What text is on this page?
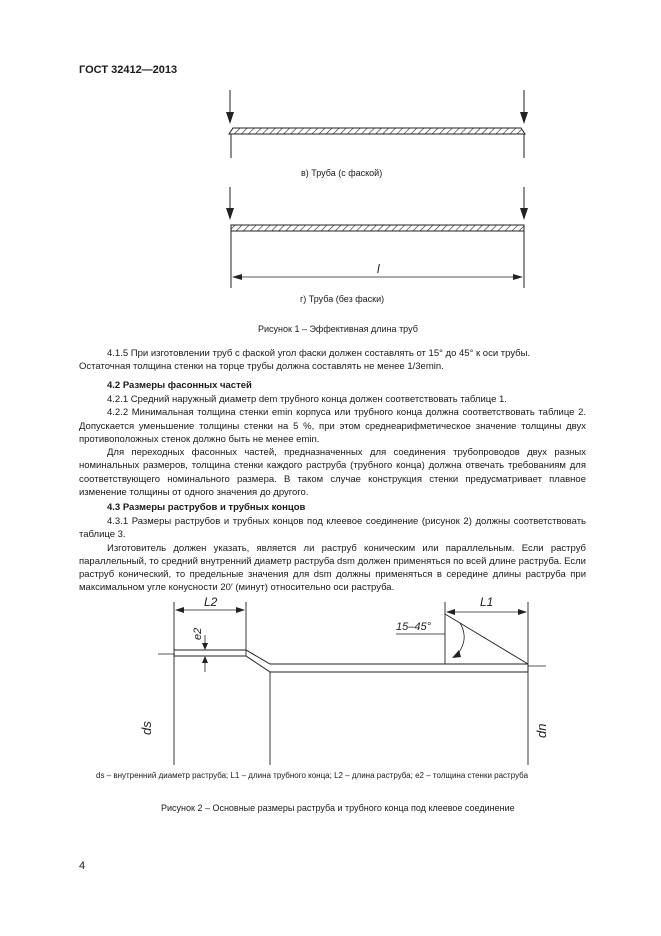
ГОСТ 32412—2013
l
в) Труба (с фаской)
г) Труба (без фаски)
Рисунок 1 – Эффективная длина труб

4.1.5 При изготовлении труб с фаской угол фаски должен составлять от 15° до 45° к оси трубы.

Остаточная толщина стенки на торце трубы должна составлять не менее 1/3emin.

4.2 Размеры фасонных частей

4.2.1 Средний наружный диаметр dem трубного конца должен соответствовать таблице 1.

4.2.2 Минимальная толщина стенки emin корпуса или трубного конца должна соответствовать таблице 2. Допускается уменьшение толщины стенки на 5 %, при этом среднеарифметическое значение толщины двух противоположных стенок должно быть не менее emin.

Для переходных фасонных частей, предназначенных для соединения трубопроводов двух разных номинальных размеров, толщина стенки каждого раструба (трубного конца) должна отвечать требованиям для соответствующего номинального размера. В таком случае конструкция стенки предусматривает плавное изменение толщины от одного значения до другого.

4.3 Размеры раструбов и трубных концов

4.3.1 Размеры раструбов и трубных концов под клеевое соединение (рисунок 2) должны соответствовать таблице 3.

Изготовитель должен указать, является ли раструб коническим или параллельным. Если раструб параллельный, то средний внутренний диаметр раструба dsm должен применяться по всей длине раструба. Если раструб конический, то предельные значения для dsm должны применяться в середине длины раструба при максимальном угле конусности 20′ (минут) относительно оси раструба.

L2
e2
L1
15–45°
ds	dn
ds – внутренний диаметр раструба; L1 – длина трубного конца; L2 – длина раструба; e2 – толщина стенки раструба
Рисунок 2 – Основные размеры раструба и трубного конца под клеевое соединение
4
